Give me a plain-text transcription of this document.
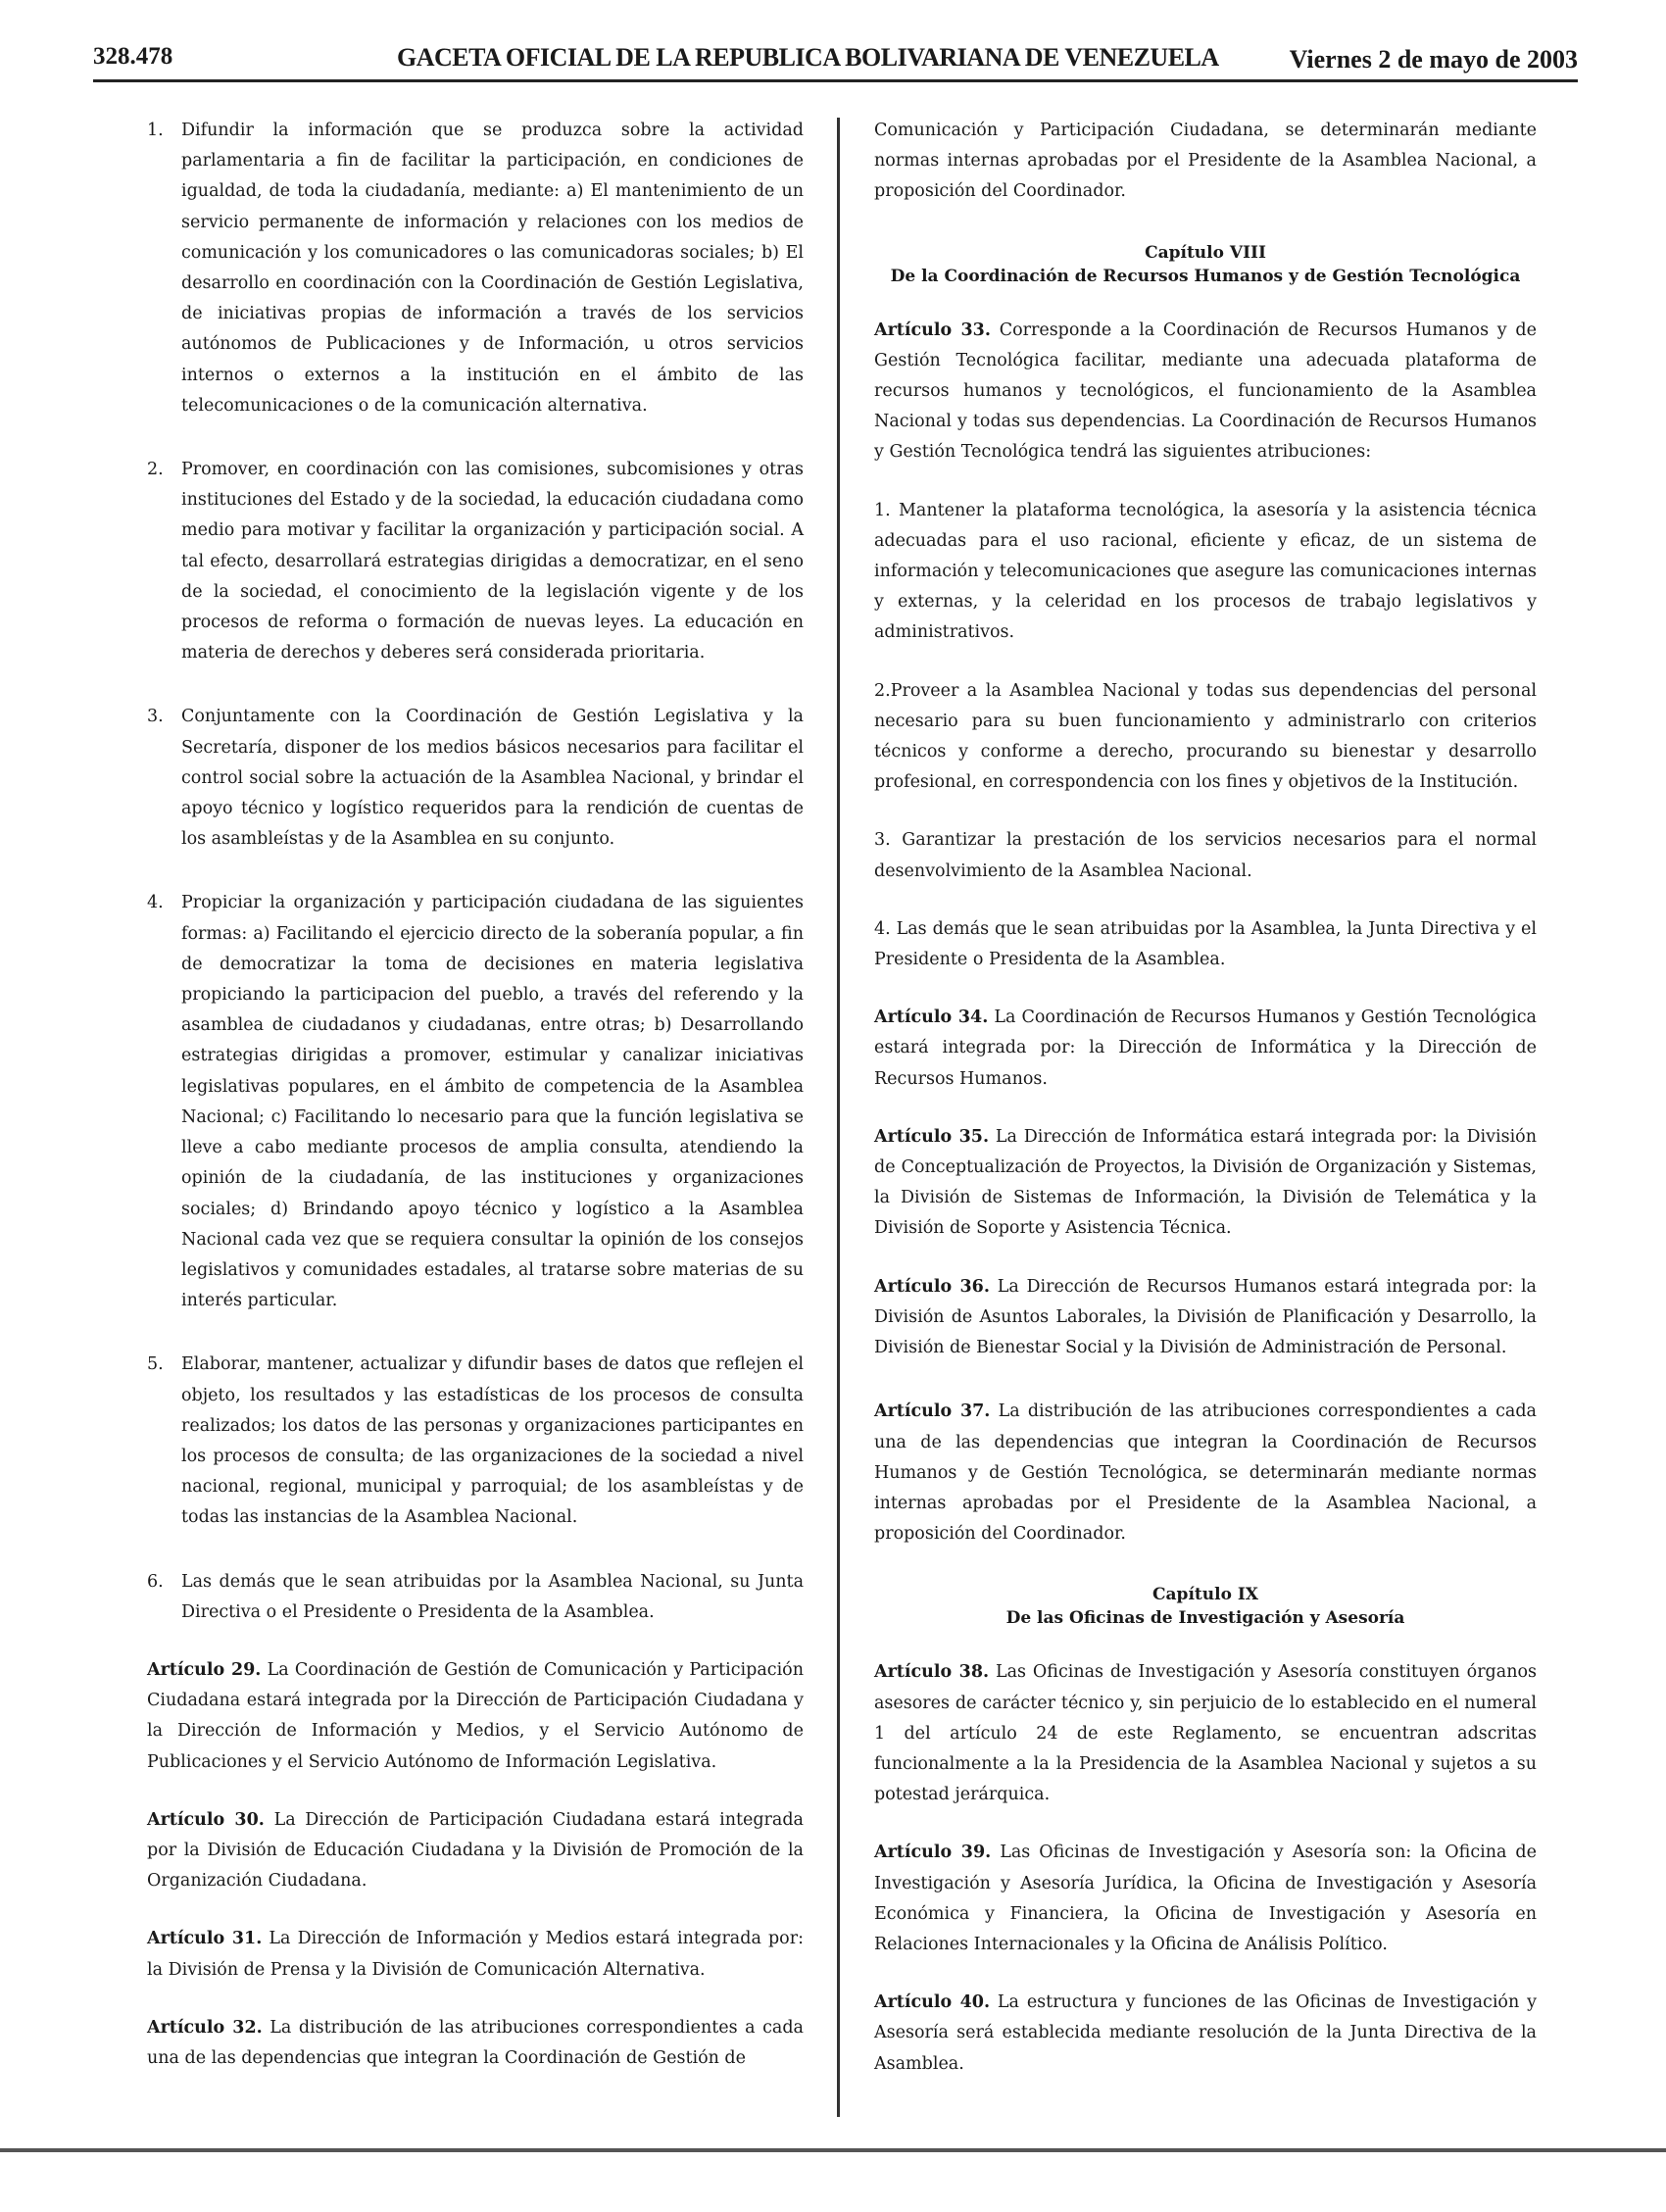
328.478	GACETA OFICIAL DE LA REPUBLICA BOLIVARIANA DE VENEZUELA	Viernes 2 de mayo de 2003
1. Difundir la información que se produzca sobre la actividad parlamentaria a fin de facilitar la participación, en condiciones de igualdad, de toda la ciudadanía, mediante: a) El mantenimiento de un servicio permanente de información y relaciones con los medios de comunicación y los comunicadores o las comunicadoras sociales; b) El desarrollo en coordinación con la Coordinación de Gestión Legislativa, de iniciativas propias de información a través de los servicios autónomos de Publicaciones y de Información, u otros servicios internos o externos a la institución en el ámbito de las telecomunicaciones o de la comunicación alternativa.
2. Promover, en coordinación con las comisiones, subcomisiones y otras instituciones del Estado y de la sociedad, la educación ciudadana como medio para motivar y facilitar la organización y participación social. A tal efecto, desarrollará estrategias dirigidas a democratizar, en el seno de la sociedad, el conocimiento de la legislación vigente y de los procesos de reforma o formación de nuevas leyes. La educación en materia de derechos y deberes será considerada prioritaria.
3. Conjuntamente con la Coordinación de Gestión Legislativa y la Secretaría, disponer de los medios básicos necesarios para facilitar el control social sobre la actuación de la Asamblea Nacional, y brindar el apoyo técnico y logístico requeridos para la rendición de cuentas de los asambleístas y de la Asamblea en su conjunto.
4. Propiciar la organización y participación ciudadana de las siguientes formas: a) Facilitando el ejercicio directo de la soberanía popular, a fin de democratizar la toma de decisiones en materia legislativa propiciando la participacion del pueblo, a través del referendo y la asamblea de ciudadanos y ciudadanas, entre otras; b) Desarrollando estrategias dirigidas a promover, estimular y canalizar iniciativas legislativas populares, en el ámbito de competencia de la Asamblea Nacional; c) Facilitando lo necesario para que la función legislativa se lleve a cabo mediante procesos de amplia consulta, atendiendo la opinión de la ciudadanía, de las instituciones y organizaciones sociales; d) Brindando apoyo técnico y logístico a la Asamblea Nacional cada vez que se requiera consultar la opinión de los consejos legislativos y comunidades estadales, al tratarse sobre materias de su interés particular.
5. Elaborar, mantener, actualizar y difundir bases de datos que reflejen el objeto, los resultados y las estadísticas de los procesos de consulta realizados; los datos de las personas y organizaciones participantes en los procesos de consulta; de las organizaciones de la sociedad a nivel nacional, regional, municipal y parroquial; de los asambleístas y de todas las instancias de la Asamblea Nacional.
6. Las demás que le sean atribuidas por la Asamblea Nacional, su Junta Directiva o el Presidente o Presidenta de la Asamblea.

Artículo 29. La Coordinación de Gestión de Comunicación y Participación Ciudadana estará integrada por la Dirección de Participación Ciudadana y la Dirección de Información y Medios, y el Servicio Autónomo de Publicaciones y el Servicio Autónomo de Información Legislativa.

Artículo 30. La Dirección de Participación Ciudadana estará integrada por la División de Educación Ciudadana y la División de Promoción de la Organización Ciudadana.

Artículo 31. La Dirección de Información y Medios estará integrada por: la División de Prensa y la División de Comunicación Alternativa.

Artículo 32. La distribución de las atribuciones correspondientes a cada una de las dependencias que integran la Coordinación de Gestión de

Comunicación y Participación Ciudadana, se determinarán mediante normas internas aprobadas por el Presidente de la Asamblea Nacional, a proposición del Coordinador.

Capítulo VIII
De la Coordinación de Recursos Humanos y de Gestión Tecnológica

Artículo 33. Corresponde a la Coordinación de Recursos Humanos y de Gestión Tecnológica facilitar, mediante una adecuada plataforma de recursos humanos y tecnológicos, el funcionamiento de la Asamblea Nacional y todas sus dependencias. La Coordinación de Recursos Humanos y Gestión Tecnológica tendrá las siguientes atribuciones:

1. Mantener la plataforma tecnológica, la asesoría y la asistencia técnica adecuadas para el uso racional, eficiente y eficaz, de un sistema de información y telecomunicaciones que asegure las comunicaciones internas y externas, y la celeridad en los procesos de trabajo legislativos y administrativos.

2.Proveer a la Asamblea Nacional y todas sus dependencias del personal necesario para su buen funcionamiento y administrarlo con criterios técnicos y conforme a derecho, procurando su bienestar y desarrollo profesional, en correspondencia con los fines y objetivos de la Institución.

3. Garantizar la prestación de los servicios necesarios para el normal desenvolvimiento de la Asamblea Nacional.

4. Las demás que le sean atribuidas por la Asamblea, la Junta Directiva y el Presidente o Presidenta de la Asamblea.

Artículo 34. La Coordinación de Recursos Humanos y Gestión Tecnológica estará integrada por: la Dirección de Informática y la Dirección de Recursos Humanos.

Artículo 35. La Dirección de Informática estará integrada por: la División de Conceptualización de Proyectos, la División de Organización y Sistemas, la División de Sistemas de Información, la División de Telemática y la División de Soporte y Asistencia Técnica.

Artículo 36. La Dirección de Recursos Humanos estará integrada por: la División de Asuntos Laborales, la División de Planificación y Desarrollo, la División de Bienestar Social y la División de Administración de Personal.

Artículo 37. La distribución de las atribuciones correspondientes a cada una de las dependencias que integran la Coordinación de Recursos Humanos y de Gestión Tecnológica, se determinarán mediante normas internas aprobadas por el Presidente de la Asamblea Nacional, a proposición del Coordinador.

Capítulo IX
De las Oficinas de Investigación y Asesoría

Artículo 38. Las Oficinas de Investigación y Asesoría constituyen órganos asesores de carácter técnico y, sin perjuicio de lo establecido en el numeral 1 del artículo 24 de este Reglamento, se encuentran adscritas funcionalmente a la la Presidencia de la Asamblea Nacional y sujetos a su potestad jerárquica.

Artículo 39. Las Oficinas de Investigación y Asesoría son: la Oficina de Investigación y Asesoría Jurídica, la Oficina de Investigación y Asesoría Económica y Financiera, la Oficina de Investigación y Asesoría en Relaciones Internacionales y la Oficina de Análisis Político.

Artículo 40. La estructura y funciones de las Oficinas de Investigación y Asesoría será establecida mediante resolución de la Junta Directiva de la Asamblea.
